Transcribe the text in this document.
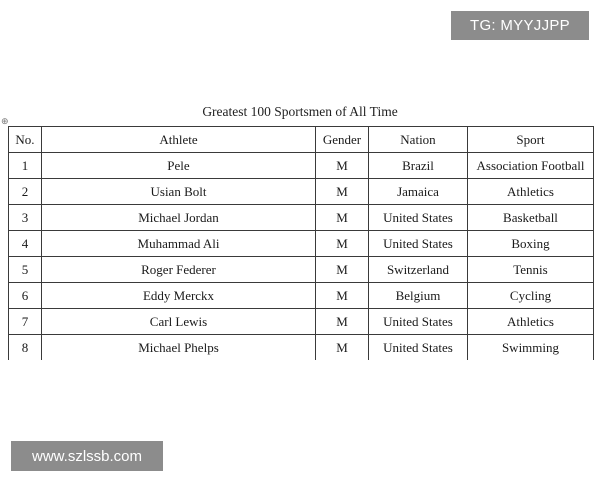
TG: MYYJJPP
⊕
Greatest 100 Sportsmen of All Time
No.	Athlete	Gender	Nation	Sport
1	Pele	M	Brazil	Association Football
2	Usian Bolt	M	Jamaica	Athletics
3	Michael Jordan	M	United States	Basketball
4	Muhammad Ali	M	United States	Boxing
5	Roger Federer	M	Switzerland	Tennis
6	Eddy Merckx	M	Belgium	Cycling
7	Carl Lewis	M	United States	Athletics
8	Michael Phelps	M	United States	Swimming
www.szlssb.com
